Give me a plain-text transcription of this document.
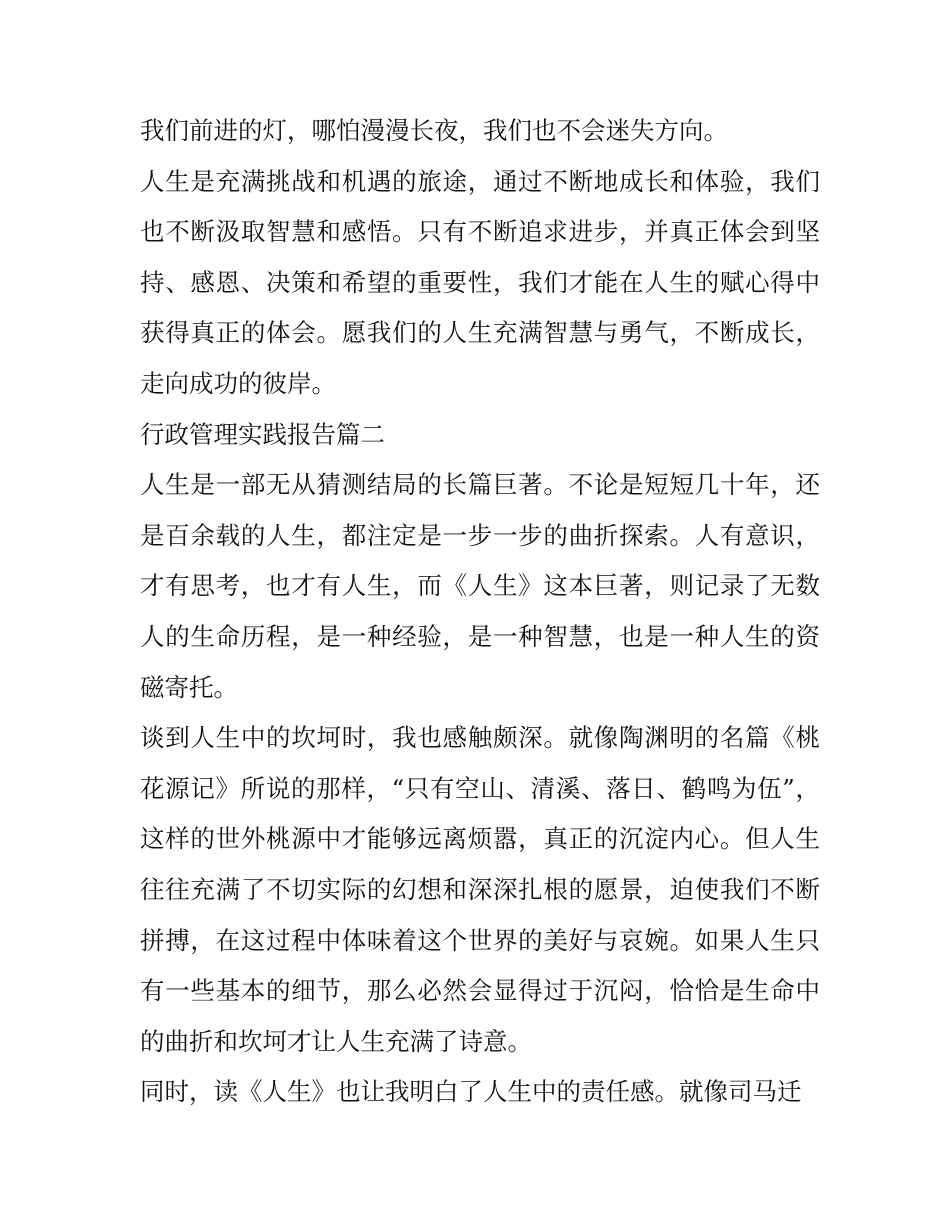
我们前进的灯，哪怕漫漫长夜，我们也不会迷失方向。

人生是充满挑战和机遇的旅途，通过不断地成长和体验，我们也不断汲取智慧和感悟。只有不断追求进步，并真正体会到坚持、感恩、决策和希望的重要性，我们才能在人生的赋心得中获得真正的体会。愿我们的人生充满智慧与勇气，不断成长，走向成功的彼岸。

行政管理实践报告篇二

人生是一部无从猜测结局的长篇巨著。不论是短短几十年，还是百余载的人生，都注定是一步一步的曲折探索。人有意识，才有思考，也才有人生，而《人生》这本巨著，则记录了无数人的生命历程，是一种经验，是一种智慧，也是一种人生的资磁寄托。

谈到人生中的坎坷时，我也感触颇深。就像陶渊明的名篇《桃花源记》所说的那样，“只有空山、清溪、落日、鹤鸣为伍”，这样的世外桃源中才能够远离烦嚣，真正的沉淀内心。但人生往往充满了不切实际的幻想和深深扎根的愿景，迫使我们不断拼搏，在这过程中体味着这个世界的美好与哀婉。如果人生只有一些基本的细节，那么必然会显得过于沉闷，恰恰是生命中的曲折和坎坷才让人生充满了诗意。

同时，读《人生》也让我明白了人生中的责任感。就像司马迁
